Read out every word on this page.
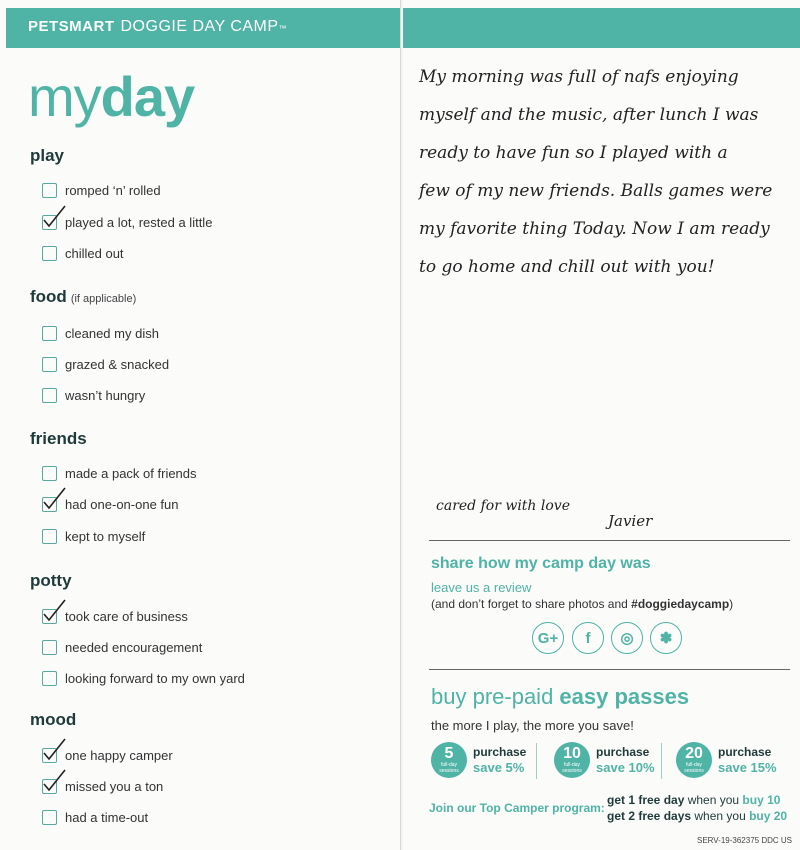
PETSMART DOGGIE DAY CAMP™
myday
play
romped ‘n’ rolled
played a lot, rested a little
chilled out
food (if applicable)
cleaned my dish
grazed & snacked
wasn’t hungry
friends
made a pack of friends
had one-on-one fun
kept to myself
potty
took care of business
needed encouragement
looking forward to my own yard
mood
one happy camper
missed you a ton
had a time-out
My morning was full of nafs enjoying
myself and the music, after lunch I was
ready to have fun so I played with a
few of my new friends. Balls games were
my favorite thing Today. Now I am ready
to go home and chill out with you!
cared for with love
Javier
share how my camp day was
leave us a review
(and don’t forget to share photos and #doggiedaycamp)
G+	f	◎	✽
buy pre-paid easy passes
the more I play, the more you save!
5
full-day sessions
purchase
save 5%
10
full-day sessions
purchase
save 10%
20
full-day sessions
purchase
save 15%
Join our Top Camper program:
get 1 free day when you buy 10
get 2 free days when you buy 20
SERV-19-362375 DDC US
